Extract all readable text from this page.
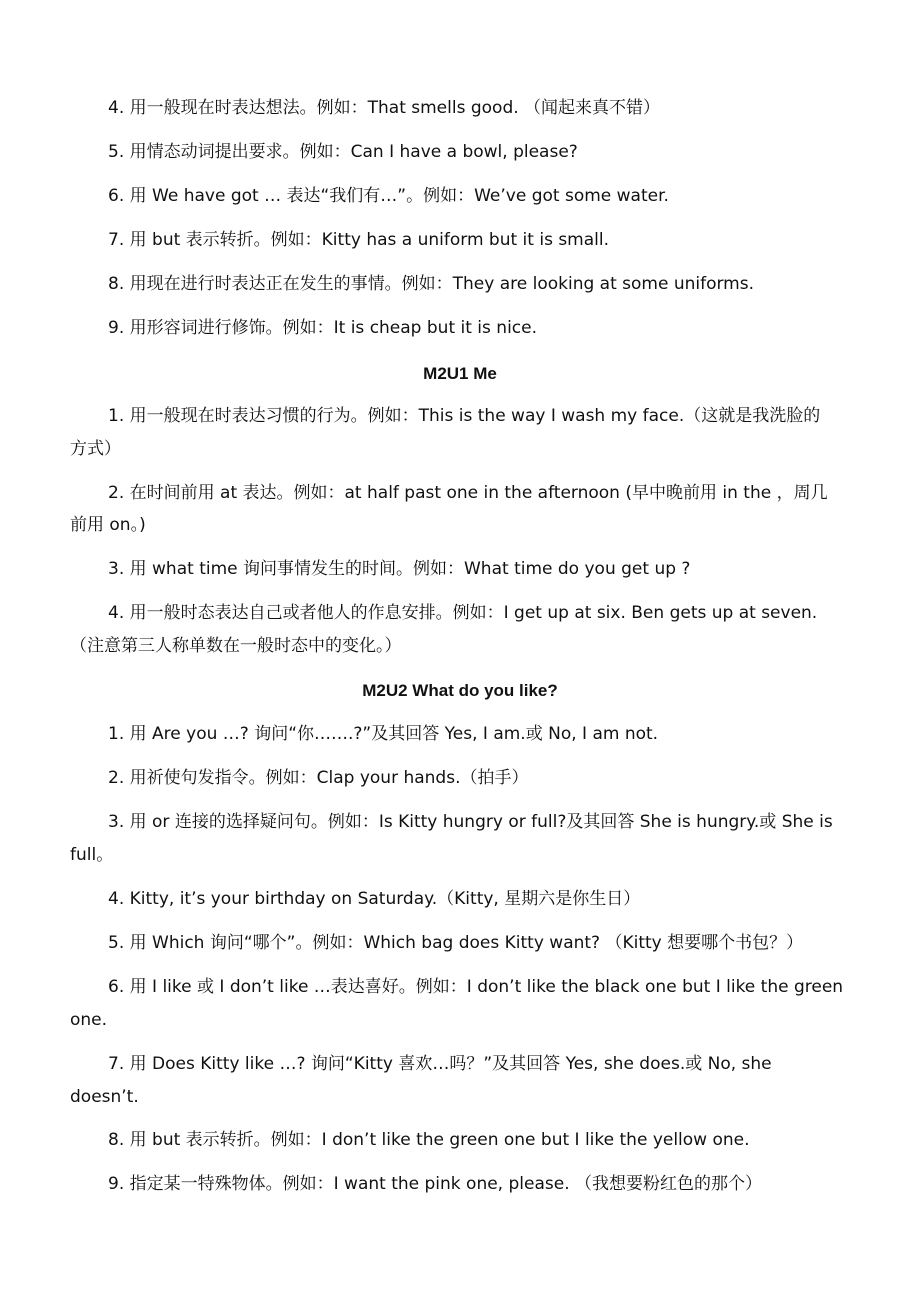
4. 用一般现在时表达想法。例如：That smells good. （闻起来真不错）
5. 用情态动词提出要求。例如：Can I have a bowl, please?
6. 用 We have got … 表达“我们有…”。例如：We’ve got some water.
7. 用 but 表示转折。例如：Kitty has a uniform but it is small.
8. 用现在进行时表达正在发生的事情。例如：They are looking at some uniforms.
9. 用形容词进行修饰。例如：It is cheap but it is nice.
M2U1 Me
1. 用一般现在时表达习惯的行为。例如：This is the way I wash my face.（这就是我洗脸的
方式）
2. 在时间前用 at 表达。例如：at half past one in the afternoon (早中晚前用 in the ，周几
前用 on。)
3. 用 what time 询问事情发生的时间。例如：What time do you get up ?
4. 用一般时态表达自己或者他人的作息安排。例如：I get up at six. Ben gets up at seven.
（注意第三人称单数在一般时态中的变化。）
M2U2 What do you like?
1. 用 Are you …? 询问“你…….?”及其回答 Yes, I am.或 No, I am not.
2. 用祈使句发指令。例如：Clap your hands.（拍手）
3. 用 or 连接的选择疑问句。例如：Is Kitty hungry or full?及其回答 She is hungry.或 She is
full。
4. Kitty, it’s your birthday on Saturday.（Kitty, 星期六是你生日）
5. 用 Which 询问“哪个”。例如：Which bag does Kitty want? （Kitty 想要哪个书包？）
6. 用 I like 或 I don’t like …表达喜好。例如：I don’t like the black one but I like the green
one.
7. 用 Does Kitty like …? 询问“Kitty 喜欢…吗？”及其回答 Yes, she does.或 No, she
doesn’t.
8. 用 but 表示转折。例如：I don’t like the green one but I like the yellow one.
9. 指定某一特殊物体。例如：I want the pink one, please. （我想要粉红色的那个）
